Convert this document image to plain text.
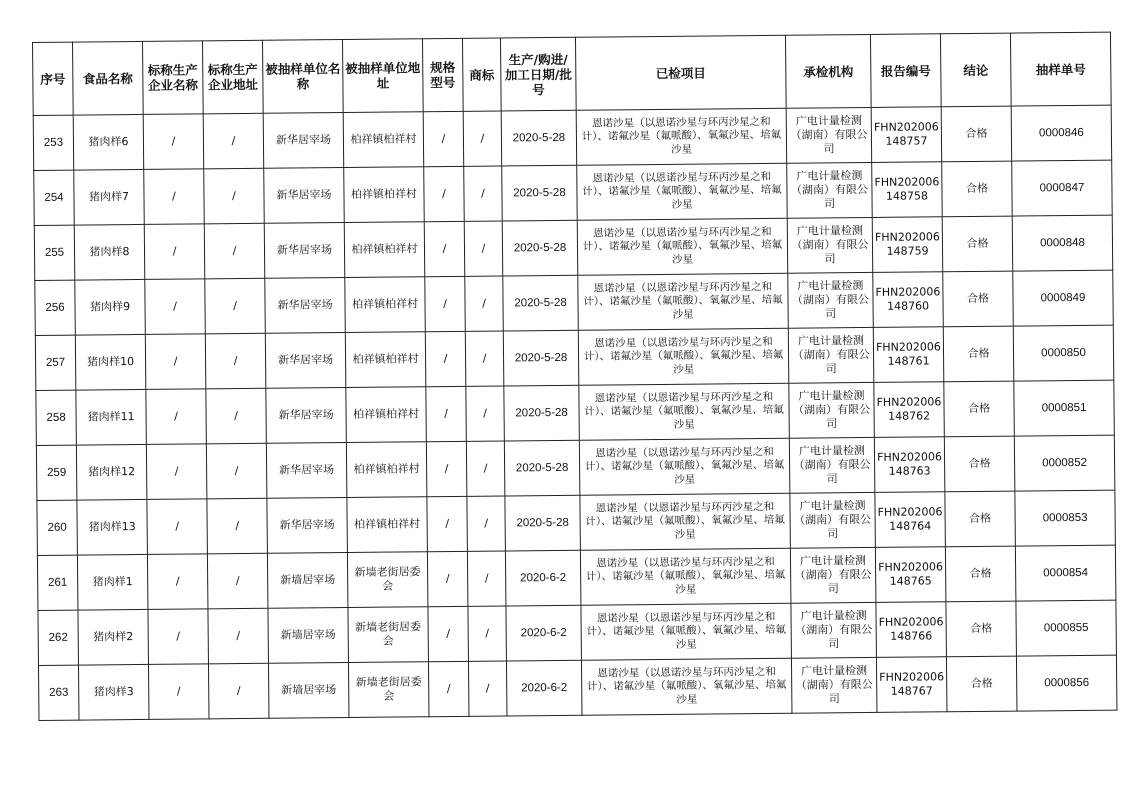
序号	食品名称	标称生产企业名称	标称生产企业地址	被抽样单位名称	被抽样单位地址	规格型号	商标	生产/购进/加工日期/批号	已检项目	承检机构	报告编号	结论	抽样单号
253	猪肉样6	/	/	新华居宰场	柏祥镇柏祥村	/	/	2020-5-28	恩诺沙星（以恩诺沙星与环丙沙星之和计）、诺氟沙星（氟哌酸）、氧氟沙星、培氟沙星	广电计量检测（湖南）有限公司	FHN202006148757	合格	0000846
254	猪肉样7	/	/	新华居宰场	柏祥镇柏祥村	/	/	2020-5-28	恩诺沙星（以恩诺沙星与环丙沙星之和计）、诺氟沙星（氟哌酸）、氧氟沙星、培氟沙星	广电计量检测（湖南）有限公司	FHN202006148758	合格	0000847
255	猪肉样8	/	/	新华居宰场	柏祥镇柏祥村	/	/	2020-5-28	恩诺沙星（以恩诺沙星与环丙沙星之和计）、诺氟沙星（氟哌酸）、氧氟沙星、培氟沙星	广电计量检测（湖南）有限公司	FHN202006148759	合格	0000848
256	猪肉样9	/	/	新华居宰场	柏祥镇柏祥村	/	/	2020-5-28	恩诺沙星（以恩诺沙星与环丙沙星之和计）、诺氟沙星（氟哌酸）、氧氟沙星、培氟沙星	广电计量检测（湖南）有限公司	FHN202006148760	合格	0000849
257	猪肉样10	/	/	新华居宰场	柏祥镇柏祥村	/	/	2020-5-28	恩诺沙星（以恩诺沙星与环丙沙星之和计）、诺氟沙星（氟哌酸）、氧氟沙星、培氟沙星	广电计量检测（湖南）有限公司	FHN202006148761	合格	0000850
258	猪肉样11	/	/	新华居宰场	柏祥镇柏祥村	/	/	2020-5-28	恩诺沙星（以恩诺沙星与环丙沙星之和计）、诺氟沙星（氟哌酸）、氧氟沙星、培氟沙星	广电计量检测（湖南）有限公司	FHN202006148762	合格	0000851
259	猪肉样12	/	/	新华居宰场	柏祥镇柏祥村	/	/	2020-5-28	恩诺沙星（以恩诺沙星与环丙沙星之和计）、诺氟沙星（氟哌酸）、氧氟沙星、培氟沙星	广电计量检测（湖南）有限公司	FHN202006148763	合格	0000852
260	猪肉样13	/	/	新华居宰场	柏祥镇柏祥村	/	/	2020-5-28	恩诺沙星（以恩诺沙星与环丙沙星之和计）、诺氟沙星（氟哌酸）、氧氟沙星、培氟沙星	广电计量检测（湖南）有限公司	FHN202006148764	合格	0000853
261	猪肉样1	/	/	新墙居宰场	新墙老街居委会	/	/	2020-6-2	恩诺沙星（以恩诺沙星与环丙沙星之和计）、诺氟沙星（氟哌酸）、氧氟沙星、培氟沙星	广电计量检测（湖南）有限公司	FHN202006148765	合格	0000854
262	猪肉样2	/	/	新墙居宰场	新墙老街居委会	/	/	2020-6-2	恩诺沙星（以恩诺沙星与环丙沙星之和计）、诺氟沙星（氟哌酸）、氧氟沙星、培氟沙星	广电计量检测（湖南）有限公司	FHN202006148766	合格	0000855
263	猪肉样3	/	/	新墙居宰场	新墙老街居委会	/	/	2020-6-2	恩诺沙星（以恩诺沙星与环丙沙星之和计）、诺氟沙星（氟哌酸）、氧氟沙星、培氟沙星	广电计量检测（湖南）有限公司	FHN202006148767	合格	0000856
